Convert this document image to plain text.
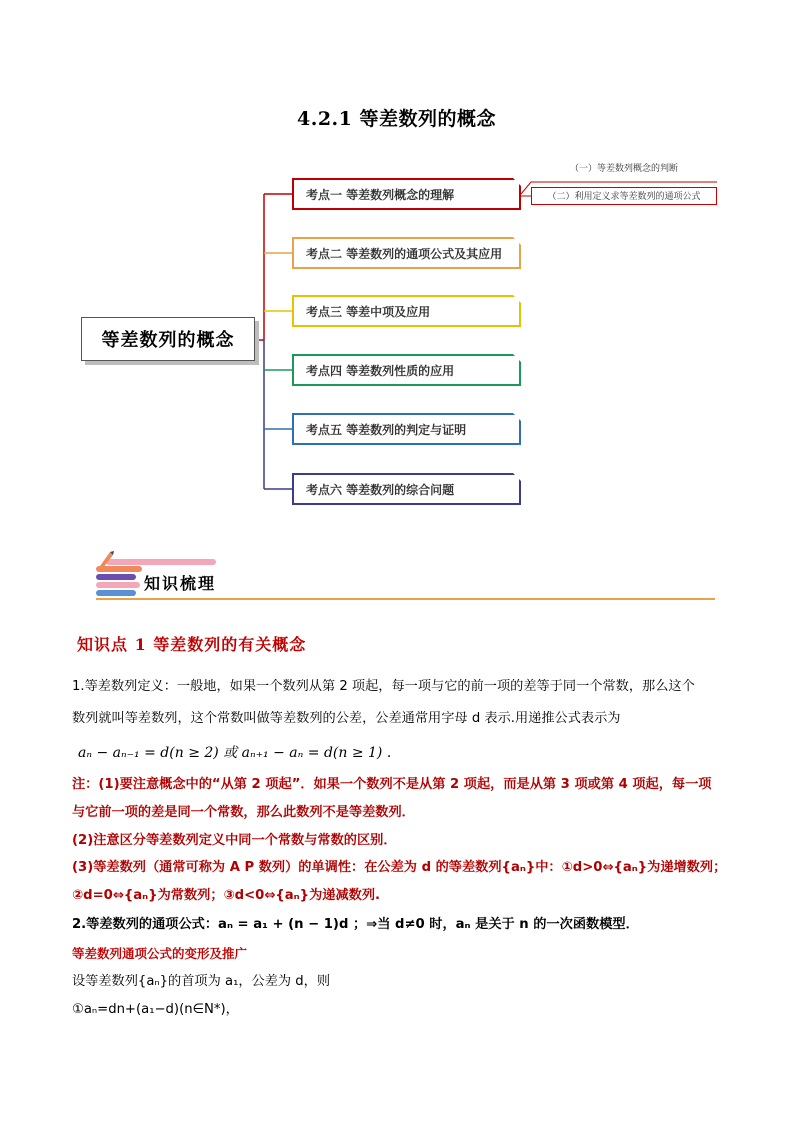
4.2.1 等差数列的概念
等差数列的概念
考点一 等差数列概念的理解
考点二 等差数列的通项公式及其应用
考点三 等差中项及应用
考点四 等差数列性质的应用
考点五 等差数列的判定与证明
考点六 等差数列的综合问题
（一）等差数列概念的判断
（二）利用定义求等差数列的通项公式
知识梳理
知识点 1 等差数列的有关概念
1.等差数列定义：一般地，如果一个数列从第 2 项起，每一项与它的前一项的差等于同一个常数，那么这个
数列就叫等差数列，这个常数叫做等差数列的公差，公差通常用字母 d 表示.用递推公式表示为
aₙ − aₙ₋₁ = d(n ≥ 2) 或 aₙ₊₁ − aₙ = d(n ≥ 1) .
注：(1)要注意概念中的“从第 2 项起”．如果一个数列不是从第 2 项起，而是从第 3 项或第 4 项起，每一项
与它前一项的差是同一个常数，那么此数列不是等差数列．
(2)注意区分等差数列定义中同一个常数与常数的区别．
(3)等差数列（通常可称为 A P 数列）的单调性：在公差为 d 的等差数列{aₙ}中：①d>0⇔{aₙ}为递增数列；
②d=0⇔{aₙ}为常数列；③d<0⇔{aₙ}为递减数列.
2.等差数列的通项公式：aₙ = a₁ + (n − 1)d ；⇒当 d≠0 时，aₙ 是关于 n 的一次函数模型．
等差数列通项公式的变形及推广
设等差数列{aₙ}的首项为 a₁，公差为 d，则
①aₙ=dn+(a₁−d)(n∈N*)，
